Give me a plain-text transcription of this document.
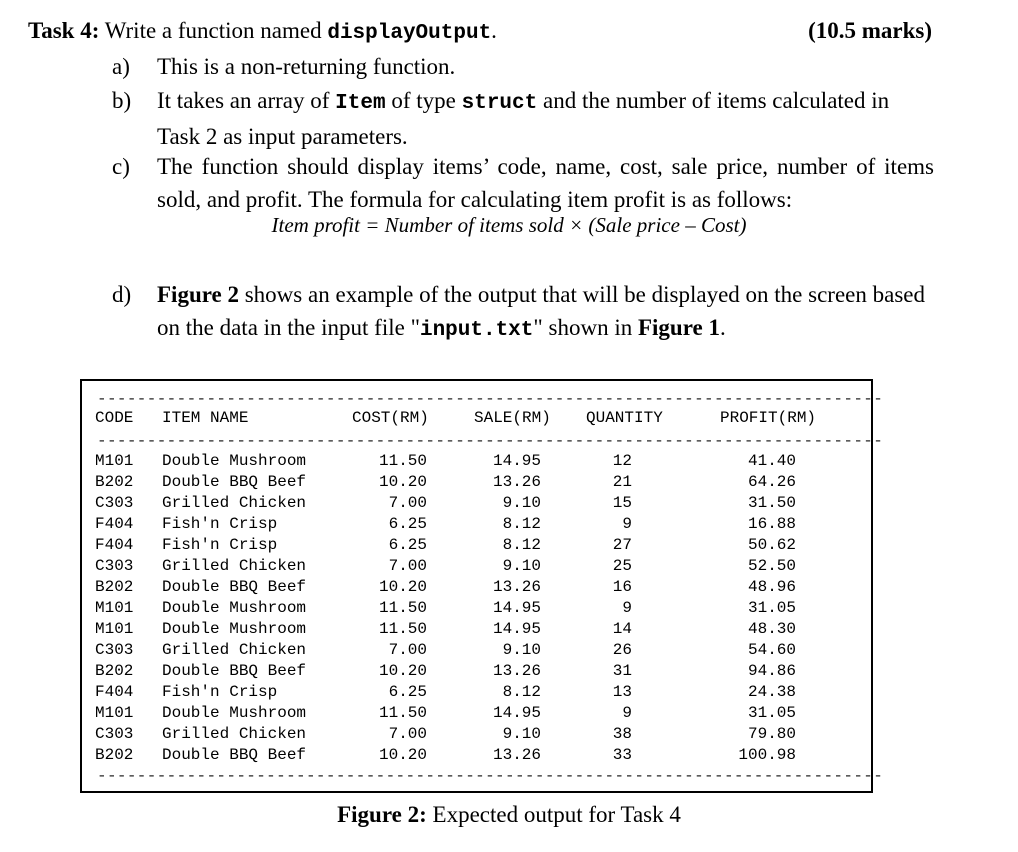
Task 4: Write a function named displayOutput.	(10.5 marks)
a) This is a non-returning function.
b) It takes an array of Item of type struct and the number of items calculated in Task 2 as input parameters.
c) The function should display items’ code, name, cost, sale price, number of items sold, and profit. The formula for calculating item profit is as follows:
Item profit = Number of items sold × (Sale price – Cost)
d) Figure 2 shows an example of the output that will be displayed on the screen based on the data in the input file "input.txt" shown in Figure 1.
-------------------------------------------------------------------------------
CODE ITEM NAME	COST(RM)	SALE(RM) QUANTITY	PROFIT(RM)
-------------------------------------------------------------------------------
M101 Double Mushroom	11.50	14.95	12	41.40
B202 Double BBQ Beef	10.20	13.26	21	64.26
C303 Grilled Chicken	7.00	9.10	15	31.50
F404 Fish'n Crisp	6.25	8.12	9	16.88
F404 Fish'n Crisp	6.25	8.12	27	50.62
C303 Grilled Chicken	7.00	9.10	25	52.50
B202 Double BBQ Beef	10.20	13.26	16	48.96
M101 Double Mushroom	11.50	14.95	9	31.05
M101 Double Mushroom	11.50	14.95	14	48.30
C303 Grilled Chicken	7.00	9.10	26	54.60
B202 Double BBQ Beef	10.20	13.26	31	94.86
F404 Fish'n Crisp	6.25	8.12	13	24.38
M101 Double Mushroom	11.50	14.95	9	31.05
C303 Grilled Chicken	7.00	9.10	38	79.80
B202 Double BBQ Beef	10.20	13.26	33	100.98
-------------------------------------------------------------------------------
Figure 2: Expected output for Task 4
